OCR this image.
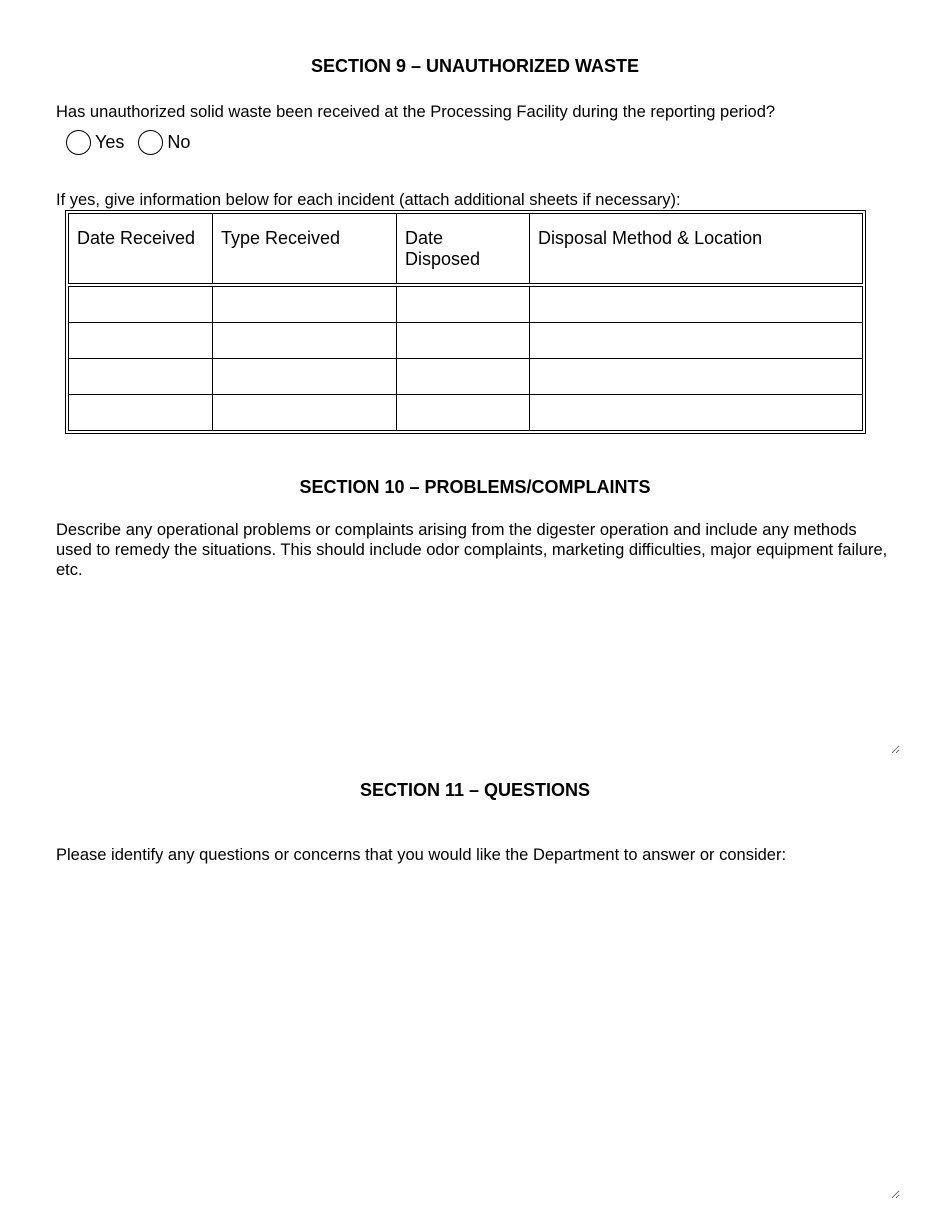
SECTION 9 – UNAUTHORIZED WASTE

Has unauthorized solid waste been received at the Processing Facility during the reporting period?

Yes No

If yes, give information below for each incident (attach additional sheets if necessary):

Date Received	Type Received	Date Disposed	Disposal Method & Location

SECTION 10 – PROBLEMS/COMPLAINTS

Describe any operational problems or complaints arising from the digester operation and include any methods used to remedy the situations. This should include odor complaints, marketing difficulties, major equipment failure, etc.

SECTION 11 – QUESTIONS

Please identify any questions or concerns that you would like the Department to answer or consider:
